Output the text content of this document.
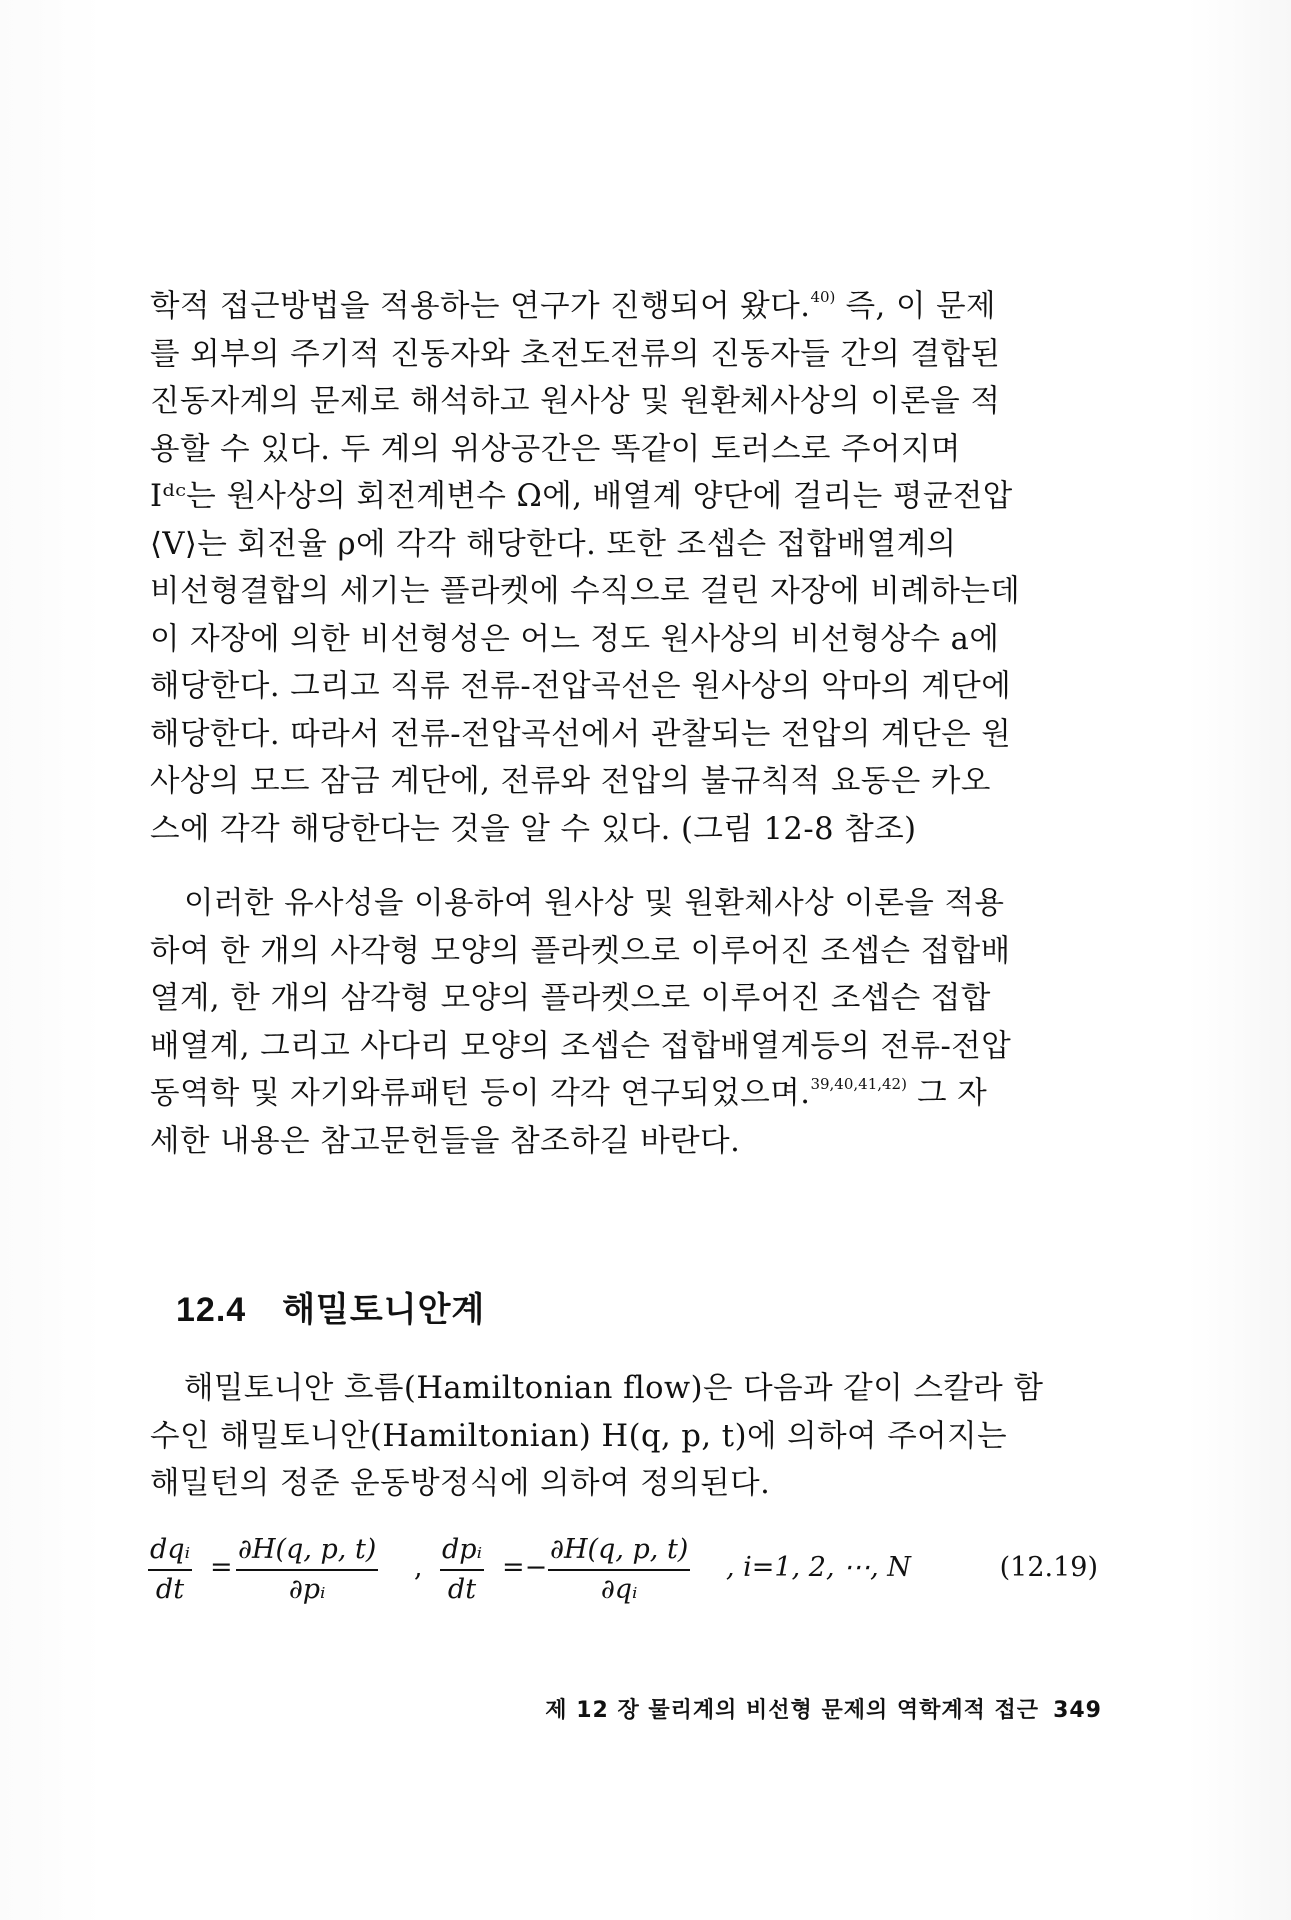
학적 접근방법을 적용하는 연구가 진행되어 왔다.$^{40)}$ 즉, 이 문제
를 외부의 주기적 진동자와 초전도전류의 진동자들 간의 결합된
진동자계의 문제로 해석하고 원사상 및 원환체사상의 이론을 적
용할 수 있다. 두 계의 위상공간은 똑같이 토러스로 주어지며
Iᵈᶜ는 원사상의 회전계변수 Ω에, 배열계 양단에 걸리는 평균전압
⟨V⟩는 회전율 ρ에 각각 해당한다. 또한 조셉슨 접합배열계의
비선형결합의 세기는 플라켓에 수직으로 걸린 자장에 비례하는데
이 자장에 의한 비선형성은 어느 정도 원사상의 비선형상수 a에
해당한다. 그리고 직류 전류-전압곡선은 원사상의 악마의 계단에
해당한다. 따라서 전류-전압곡선에서 관찰되는 전압의 계단은 원
사상의 모드 잠금 계단에, 전류와 전압의 불규칙적 요동은 카오
스에 각각 해당한다는 것을 알 수 있다. (그림 12-8 참조)
이러한 유사성을 이용하여 원사상 및 원환체사상 이론을 적용
하여 한 개의 사각형 모양의 플라켓으로 이루어진 조셉슨 접합배
열계, 한 개의 삼각형 모양의 플라켓으로 이루어진 조셉슨 접합
배열계, 그리고 사다리 모양의 조셉슨 접합배열계등의 전류-전압
동역학 및 자기와류패턴 등이 각각 연구되었으며.$^{39,40,41,42)}$ 그 자
세한 내용은 참고문헌들을 참조하길 바란다.
12.4 해밀토니안계
해밀토니안 흐름(Hamiltonian flow)은 다음과 같이 스칼라 함
수인 해밀토니안(Hamiltonian) H(q, p, t)에 의하여 주어지는
해밀턴의 정준 운동방정식에 의하여 정의된다.
dqᵢ
dt
= $\frac{\partial H(q, p, t)}{\text{∂pᵢ}}$ ,
dpᵢ
dt
=− $\frac{\partial H(q, p, t)}{\text{∂qᵢ}}$ , i=1, 2, ⋯, N	(12.19)
제 12 장 물리계의 비선형 문제의 역학계적 접근 349
